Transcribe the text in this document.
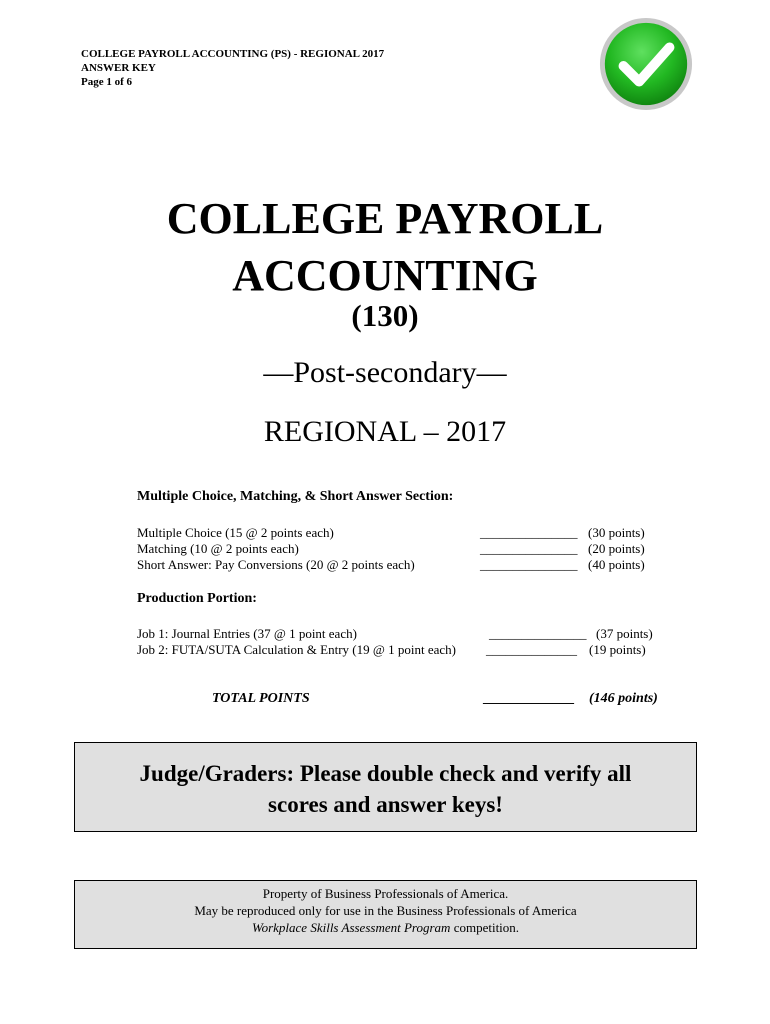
COLLEGE PAYROLL ACCOUNTING (PS) - REGIONAL 2017
ANSWER KEY
Page 1 of 6
COLLEGE PAYROLL
ACCOUNTING
(130)
—Post-secondary—
REGIONAL – 2017
Multiple Choice, Matching, & Short Answer Section:
Multiple Choice (15 @ 2 points each)	_______________ (30 points)
Matching (10 @ 2 points each)	_______________ (20 points)
Short Answer: Pay Conversions (20 @ 2 points each)	_______________ (40 points)
Production Portion:
Job 1: Journal Entries (37 @ 1 point each)	_______________ (37 points)
Job 2: FUTA/SUTA Calculation & Entry (19 @ 1 point each) ______________ (19 points)
TOTAL POINTS	_____________ (146 points)
Judge/Graders: Please double check and verify all
scores and answer keys!
Property of Business Professionals of America.
May be reproduced only for use in the Business Professionals of America
Workplace Skills Assessment Program competition.
